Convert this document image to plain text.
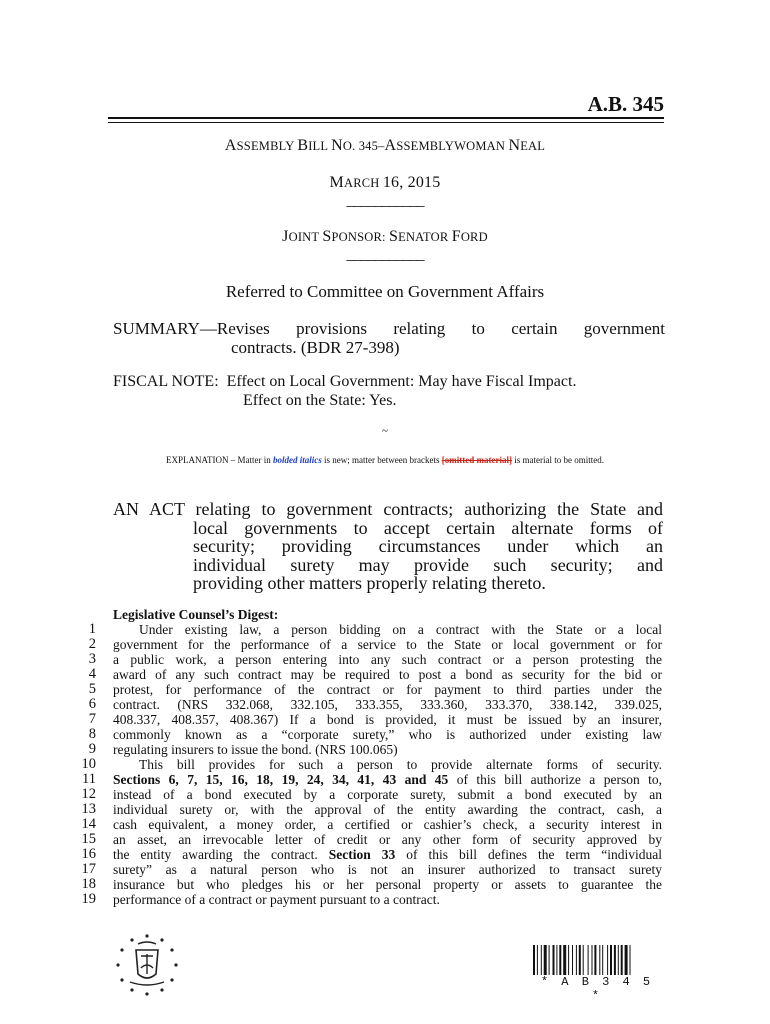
A.B. 345
ASSEMBLY BILL NO. 345–ASSEMBLYWOMAN NEAL
MARCH 16, 2015
___________
JOINT SPONSOR: SENATOR FORD
___________
Referred to Committee on Government Affairs
SUMMARY—Revises provisions relating to certain government
contracts. (BDR 27-398)
FISCAL NOTE: Effect on Local Government: May have Fiscal Impact.
Effect on the State: Yes.
~
EXPLANATION – Matter in bolded italics is new; matter between brackets [omitted material] is material to be omitted.
AN ACT relating to government contracts; authorizing the State and
local governments to accept certain alternate forms of
security; providing circumstances under which an
individual surety may provide such security; and
providing other matters properly relating thereto.
Legislative Counsel’s Digest:
1
2
3
4
5
6
7
8
9
10
11
12
13
14
15
16
17
18
19
Under existing law, a person bidding on a contract with the State or a local
government for the performance of a service to the State or local government or for
a public work, a person entering into any such contract or a person protesting the
award of any such contract may be required to post a bond as security for the bid or
protest, for performance of the contract or for payment to third parties under the
contract. (NRS 332.068, 332.105, 333.355, 333.360, 333.370, 338.142, 339.025,
408.337, 408.357, 408.367) If a bond is provided, it must be issued by an insurer,
commonly known as a “corporate surety,” who is authorized under existing law
regulating insurers to issue the bond. (NRS 100.065)
This bill provides for such a person to provide alternate forms of security.
Sections 6, 7, 15, 16, 18, 19, 24, 34, 41, 43 and 45 of this bill authorize a person to,
instead of a bond executed by a corporate surety, submit a bond executed by an
individual surety or, with the approval of the entity awarding the contract, cash, a
cash equivalent, a money order, a certified or cashier’s check, a security interest in
an asset, an irrevocable letter of credit or any other form of security approved by
the entity awarding the contract. Section 33 of this bill defines the term “individual
surety” as a natural person who is not an insurer authorized to transact surety
insurance but who pledges his or her personal property or assets to guarantee the
performance of a contract or payment pursuant to a contract.
* A B 3 4 5 *
